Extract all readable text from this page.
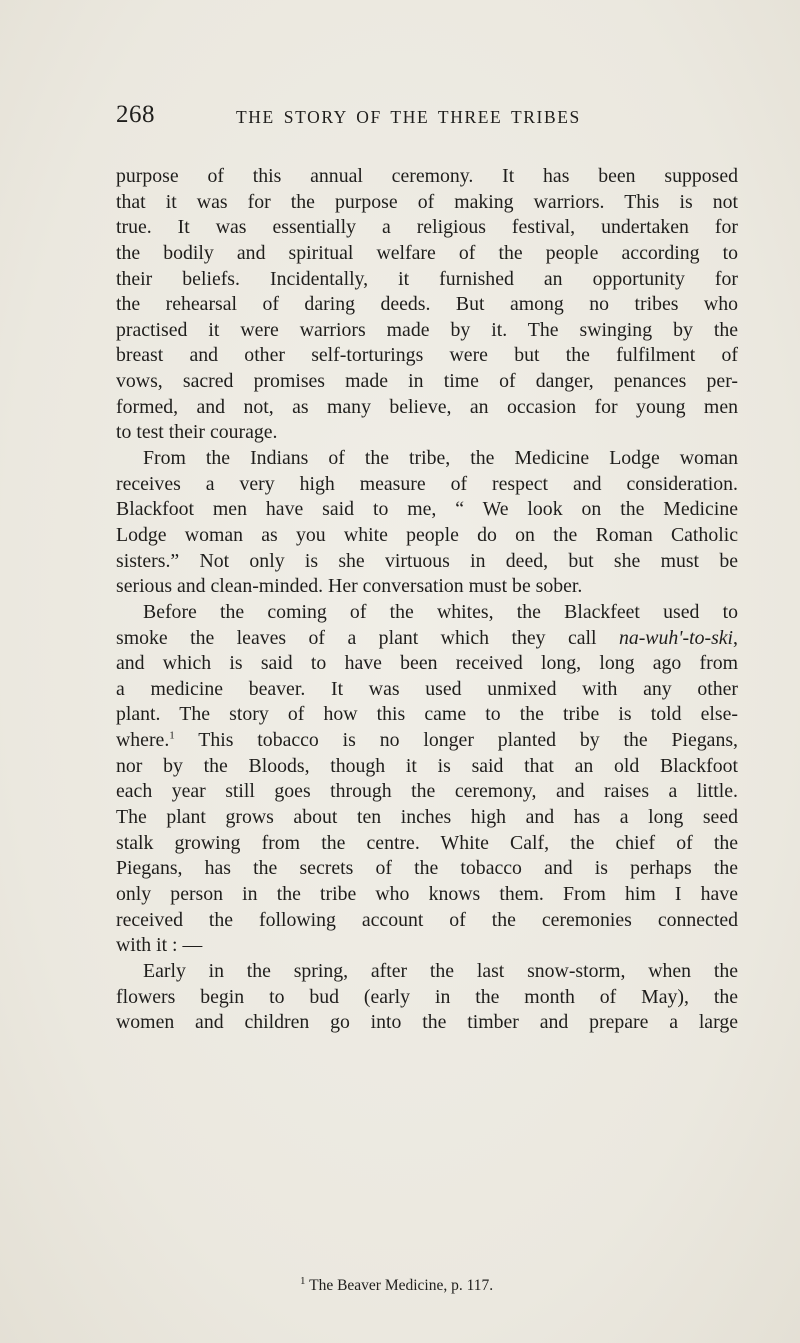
268	THE STORY OF THE THREE TRIBES
purpose of this annual ceremony. It has been supposed
that it was for the purpose of making warriors. This is not
true. It was essentially a religious festival, undertaken for
the bodily and spiritual welfare of the people according to
their beliefs. Incidentally, it furnished an opportunity for
the rehearsal of daring deeds. But among no tribes who
practised it were warriors made by it. The swinging by the
breast and other self-torturings were but the fulfilment of
vows, sacred promises made in time of danger, penances per-
formed, and not, as many believe, an occasion for young men
to test their courage.
From the Indians of the tribe, the Medicine Lodge woman
receives a very high measure of respect and consideration.
Blackfoot men have said to me, “ We look on the Medicine
Lodge woman as you white people do on the Roman Catholic
sisters.” Not only is she virtuous in deed, but she must be
serious and clean-minded. Her conversation must be sober.
Before the coming of the whites, the Blackfeet used to
smoke the leaves of a plant which they call na-wuh'-to-ski,
and which is said to have been received long, long ago from
a medicine beaver. It was used unmixed with any other
plant. The story of how this came to the tribe is told else-
where.$^1$ This tobacco is no longer planted by the Piegans,
nor by the Bloods, though it is said that an old Blackfoot
each year still goes through the ceremony, and raises a little.
The plant grows about ten inches high and has a long seed
stalk growing from the centre. White Calf, the chief of the
Piegans, has the secrets of the tobacco and is perhaps the
only person in the tribe who knows them. From him I have
received the following account of the ceremonies connected
with it : —
Early in the spring, after the last snow-storm, when the
flowers begin to bud (early in the month of May), the
women and children go into the timber and prepare a large
$^1$ The Beaver Medicine, p. 117.
